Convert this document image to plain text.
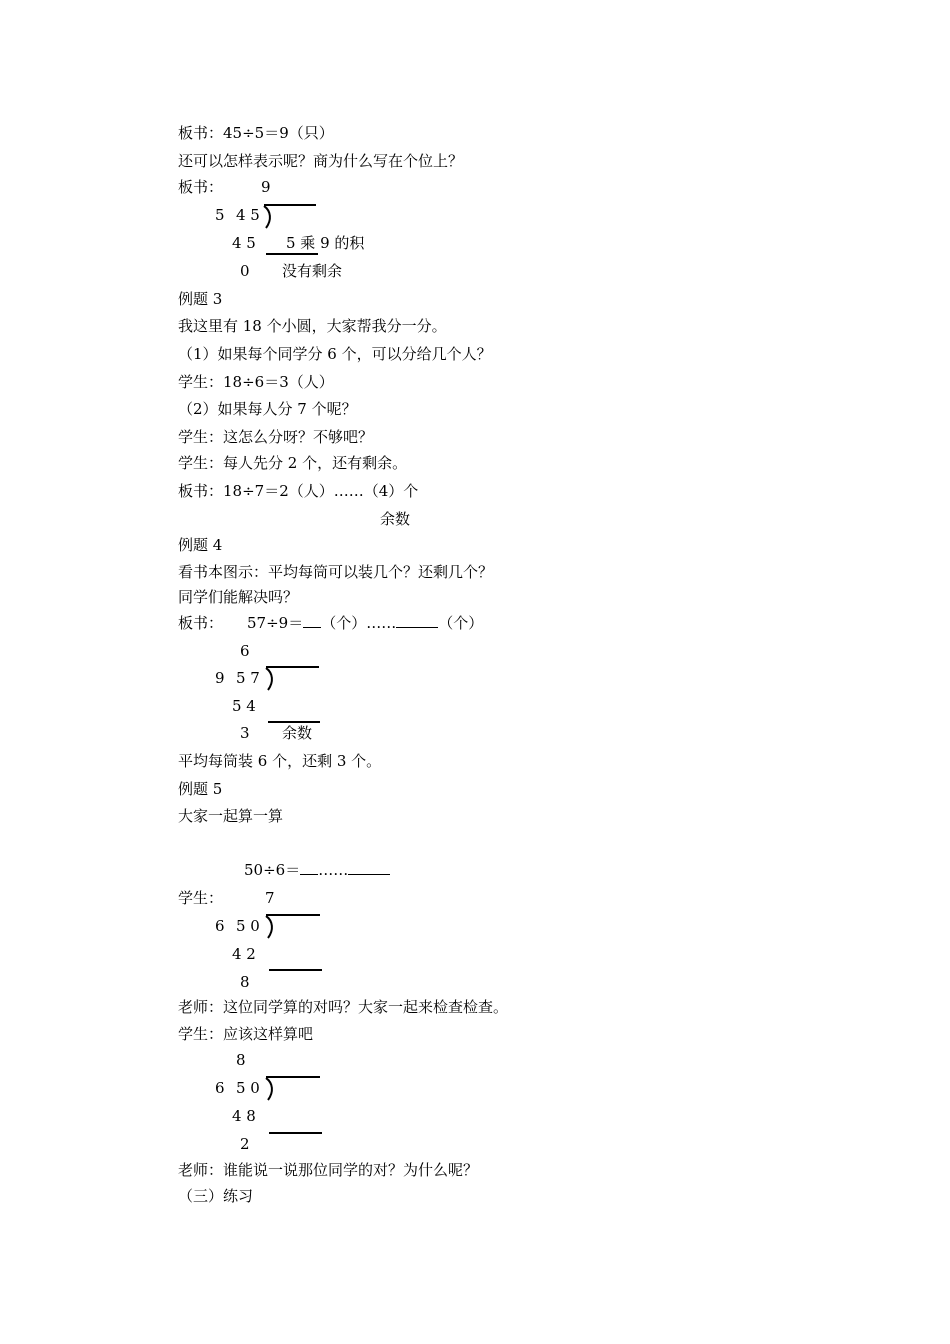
板书：45÷5＝9（只）
还可以怎样表示呢？商为什么写在个位上？
板书：	9
5 4 5
4 5 5 乘 9 的积
0 没有剩余
例题 3
我这里有 18 个小圆，大家帮我分一分。
（1）如果每个同学分 6 个，可以分给几个人？
学生：18÷6＝3（人）
（2）如果每人分 7 个呢？
学生：这怎么分呀？不够吧？
学生：每人先分 2 个，还有剩余。
板书：18÷7＝2（人）……（4）个
余数
例题 4
看书本图示：平均每筒可以装几个？还剩几个？
同学们能解决吗？
板书： 57÷9＝ （个）……	（个）
6
9 5 7
5 4
3 余数
平均每筒装 6 个，还剩 3 个。
例题 5
大家一起算一算
50÷6＝ ……
学生：	7
6 5 0
4 2
8
老师：这位同学算的对吗？大家一起来检查检查。
学生：应该这样算吧
8
6 5 0
4 8
2
老师：谁能说一说那位同学的对？为什么呢？
（三）练习
